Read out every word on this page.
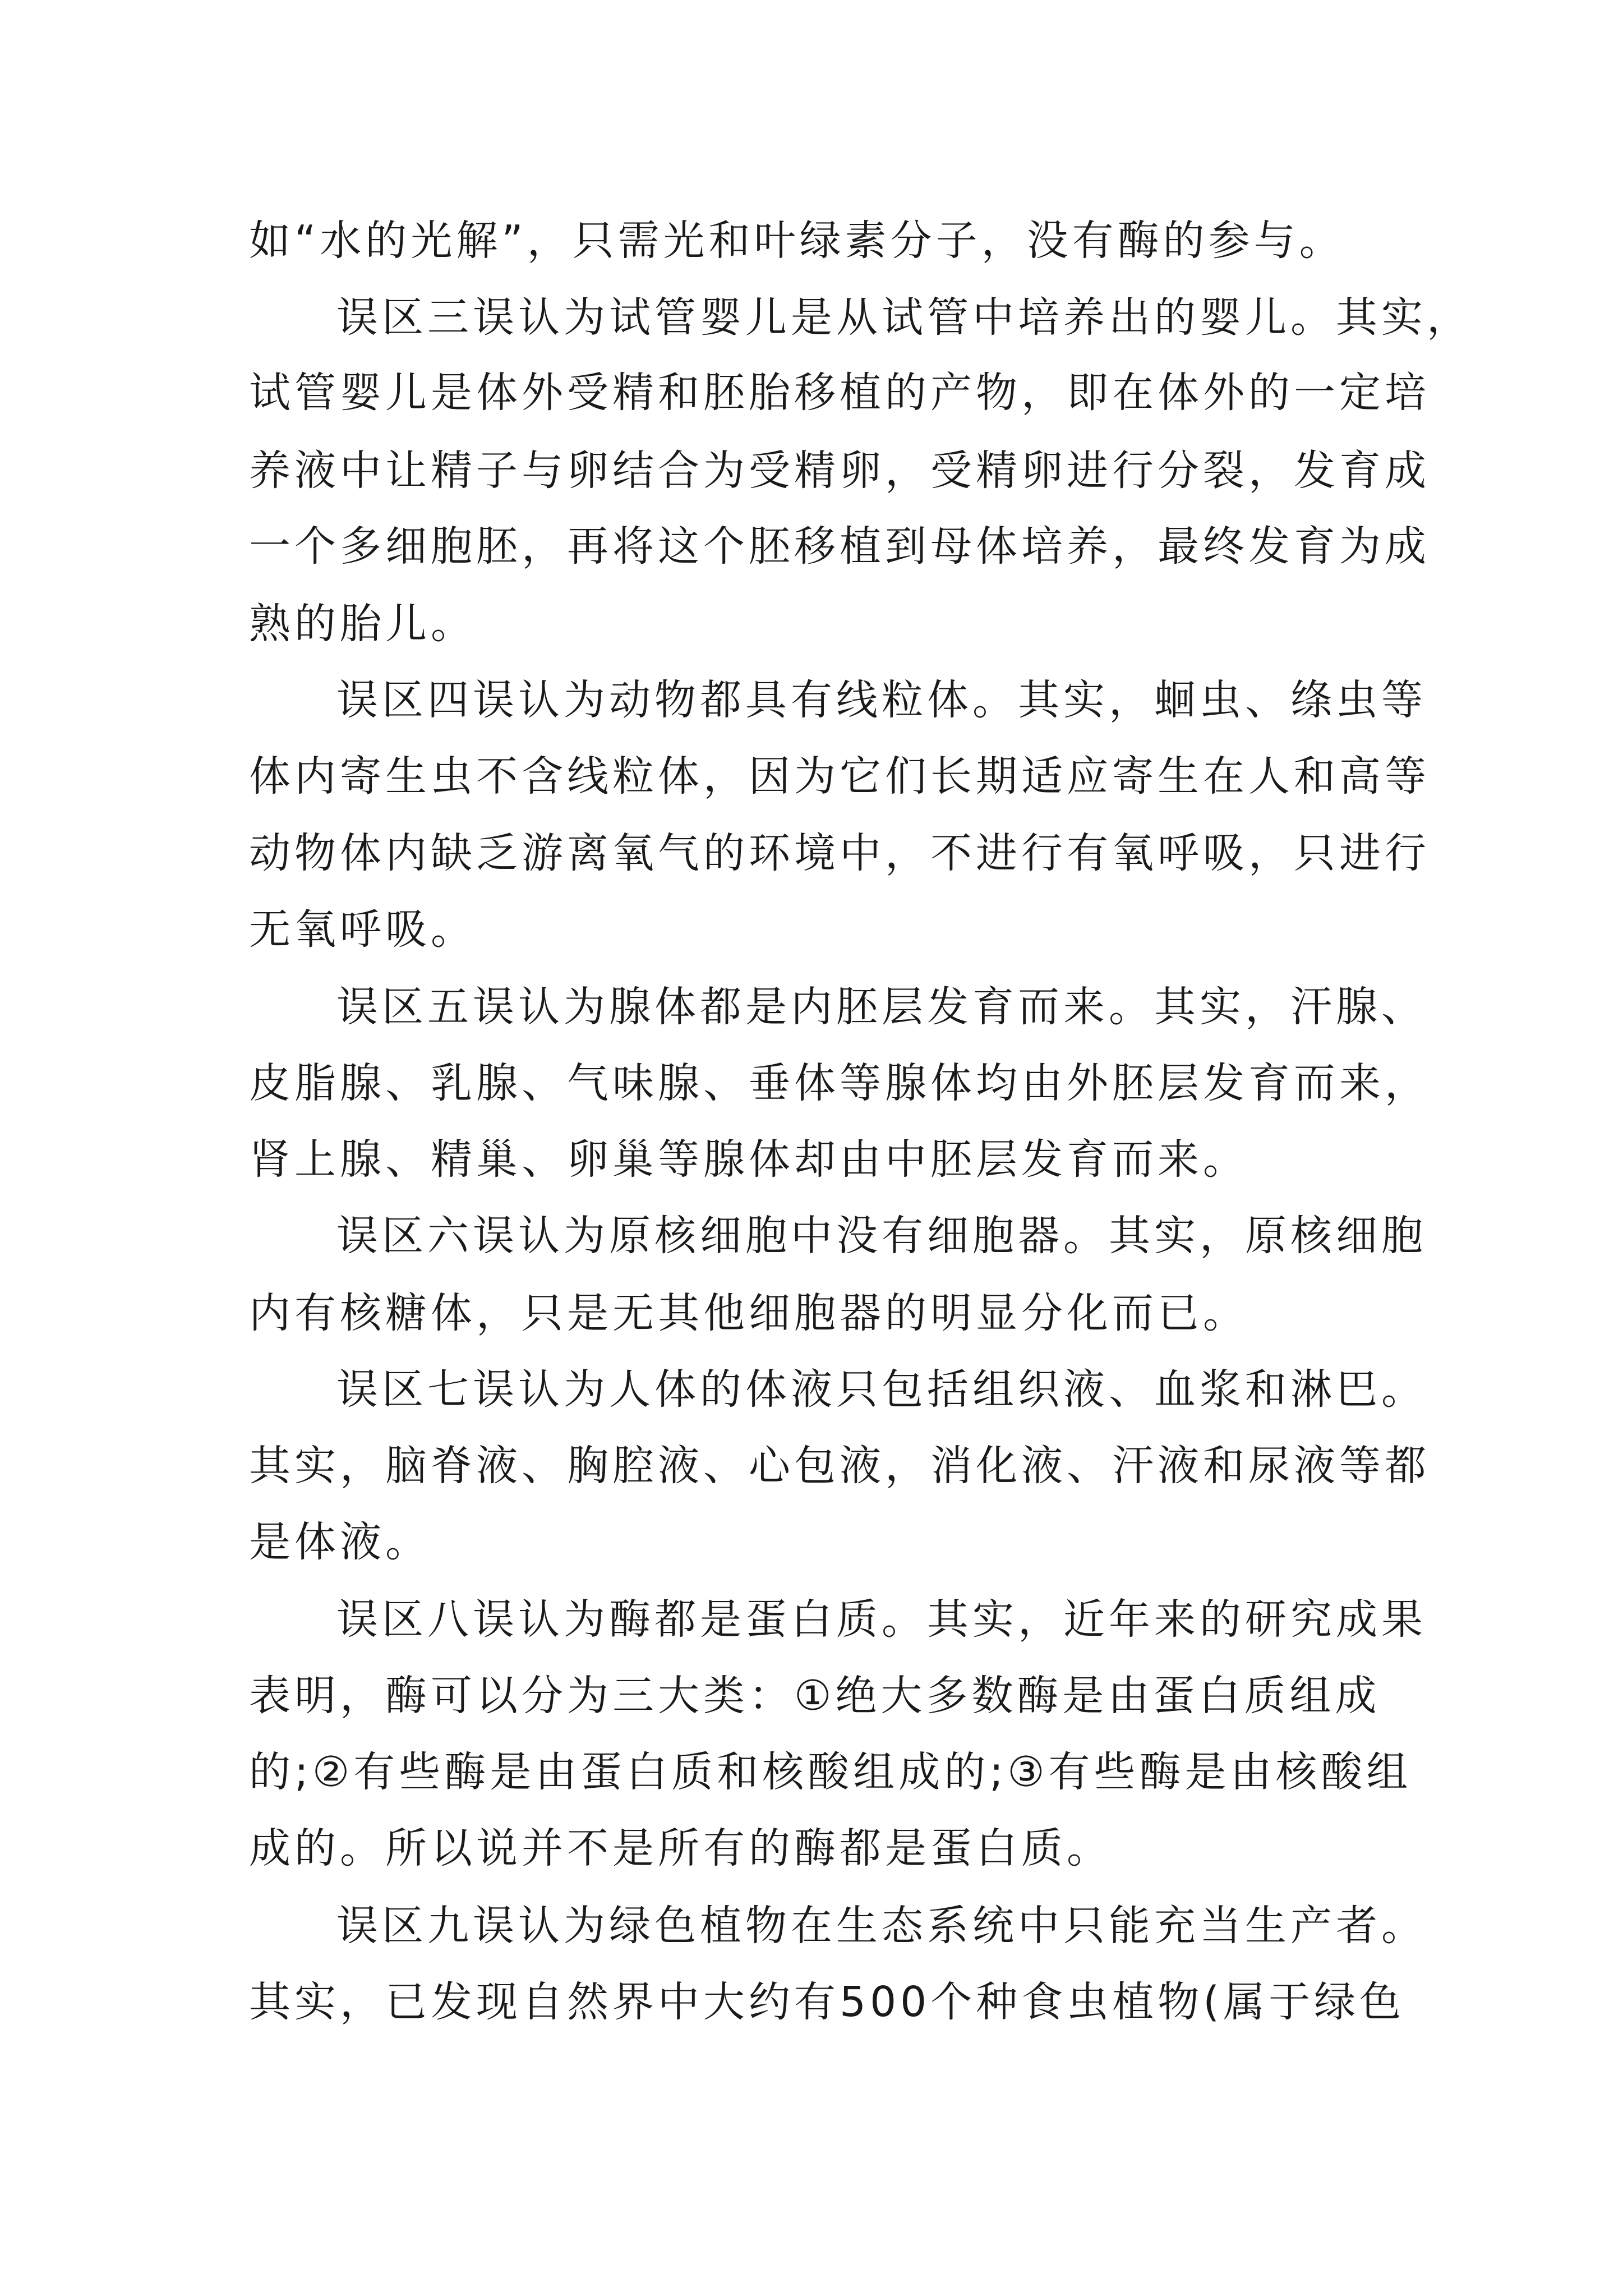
如“水的光解”，只需光和叶绿素分子，没有酶的参与。
误区三误认为试管婴儿是从试管中培养出的婴儿。其实，
试管婴儿是体外受精和胚胎移植的产物，即在体外的一定培
养液中让精子与卵结合为受精卵，受精卵进行分裂，发育成
一个多细胞胚，再将这个胚移植到母体培养，最终发育为成
熟的胎儿。
误区四误认为动物都具有线粒体。其实，蛔虫、绦虫等
体内寄生虫不含线粒体，因为它们长期适应寄生在人和高等
动物体内缺乏游离氧气的环境中，不进行有氧呼吸，只进行
无氧呼吸。
误区五误认为腺体都是内胚层发育而来。其实，汗腺、
皮脂腺、乳腺、气味腺、垂体等腺体均由外胚层发育而来，
肾上腺、精巢、卵巢等腺体却由中胚层发育而来。
误区六误认为原核细胞中没有细胞器。其实，原核细胞
内有核糖体，只是无其他细胞器的明显分化而已。
误区七误认为人体的体液只包括组织液、血浆和淋巴。
其实，脑脊液、胸腔液、心包液，消化液、汗液和尿液等都
是体液。
误区八误认为酶都是蛋白质。其实，近年来的研究成果
表明，酶可以分为三大类：①绝大多数酶是由蛋白质组成
的;②有些酶是由蛋白质和核酸组成的;③有些酶是由核酸组
成的。所以说并不是所有的酶都是蛋白质。
误区九误认为绿色植物在生态系统中只能充当生产者。
其实，已发现自然界中大约有500个种食虫植物(属于绿色
